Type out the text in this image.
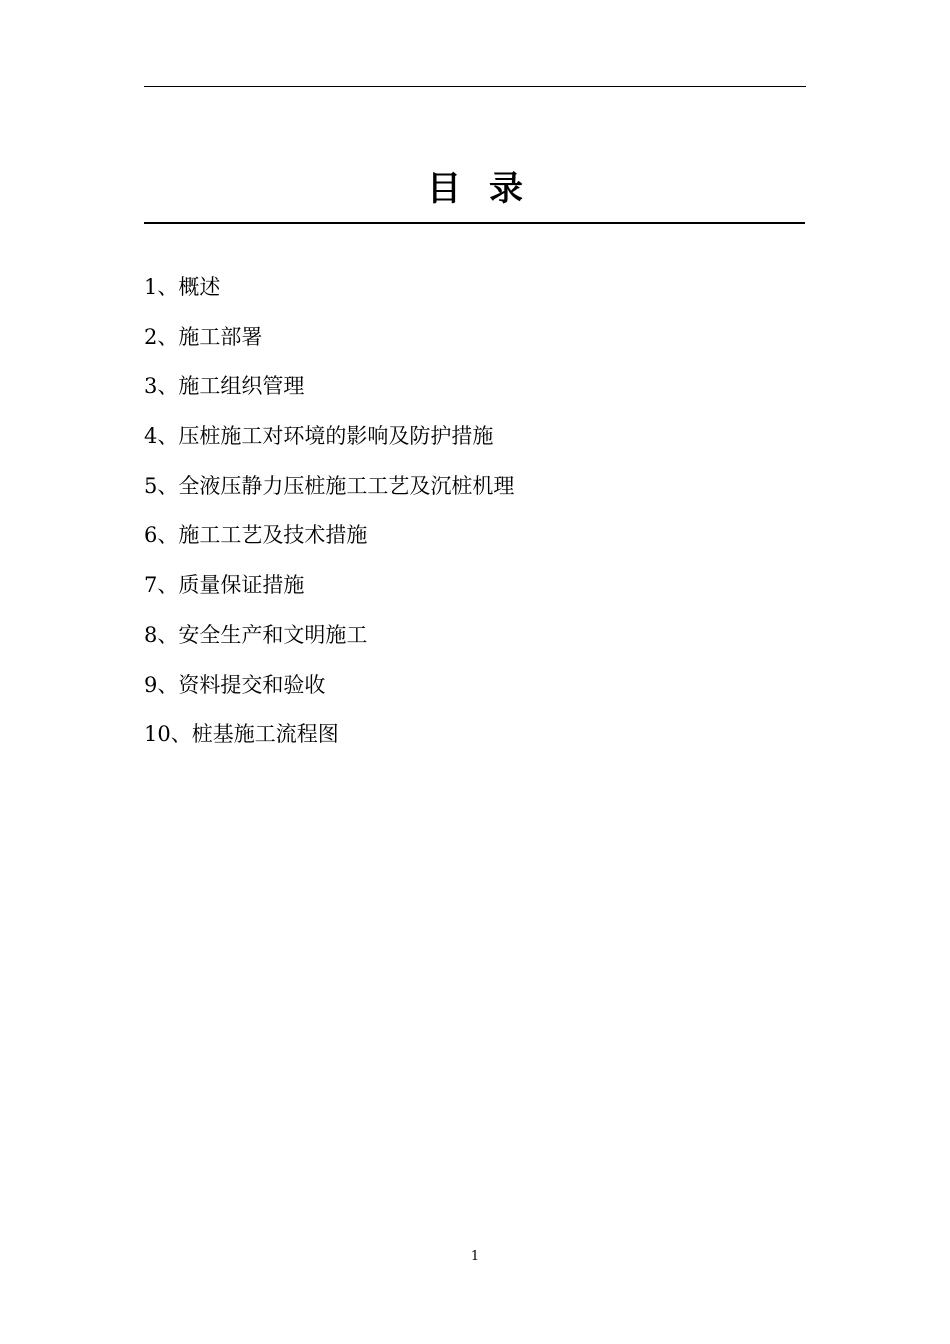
目录
1、概述
2、施工部署
3、施工组织管理
4、压桩施工对环境的影响及防护措施
5、全液压静力压桩施工工艺及沉桩机理
6、施工工艺及技术措施
7、质量保证措施
8、安全生产和文明施工
9、资料提交和验收
10、桩基施工流程图
1
